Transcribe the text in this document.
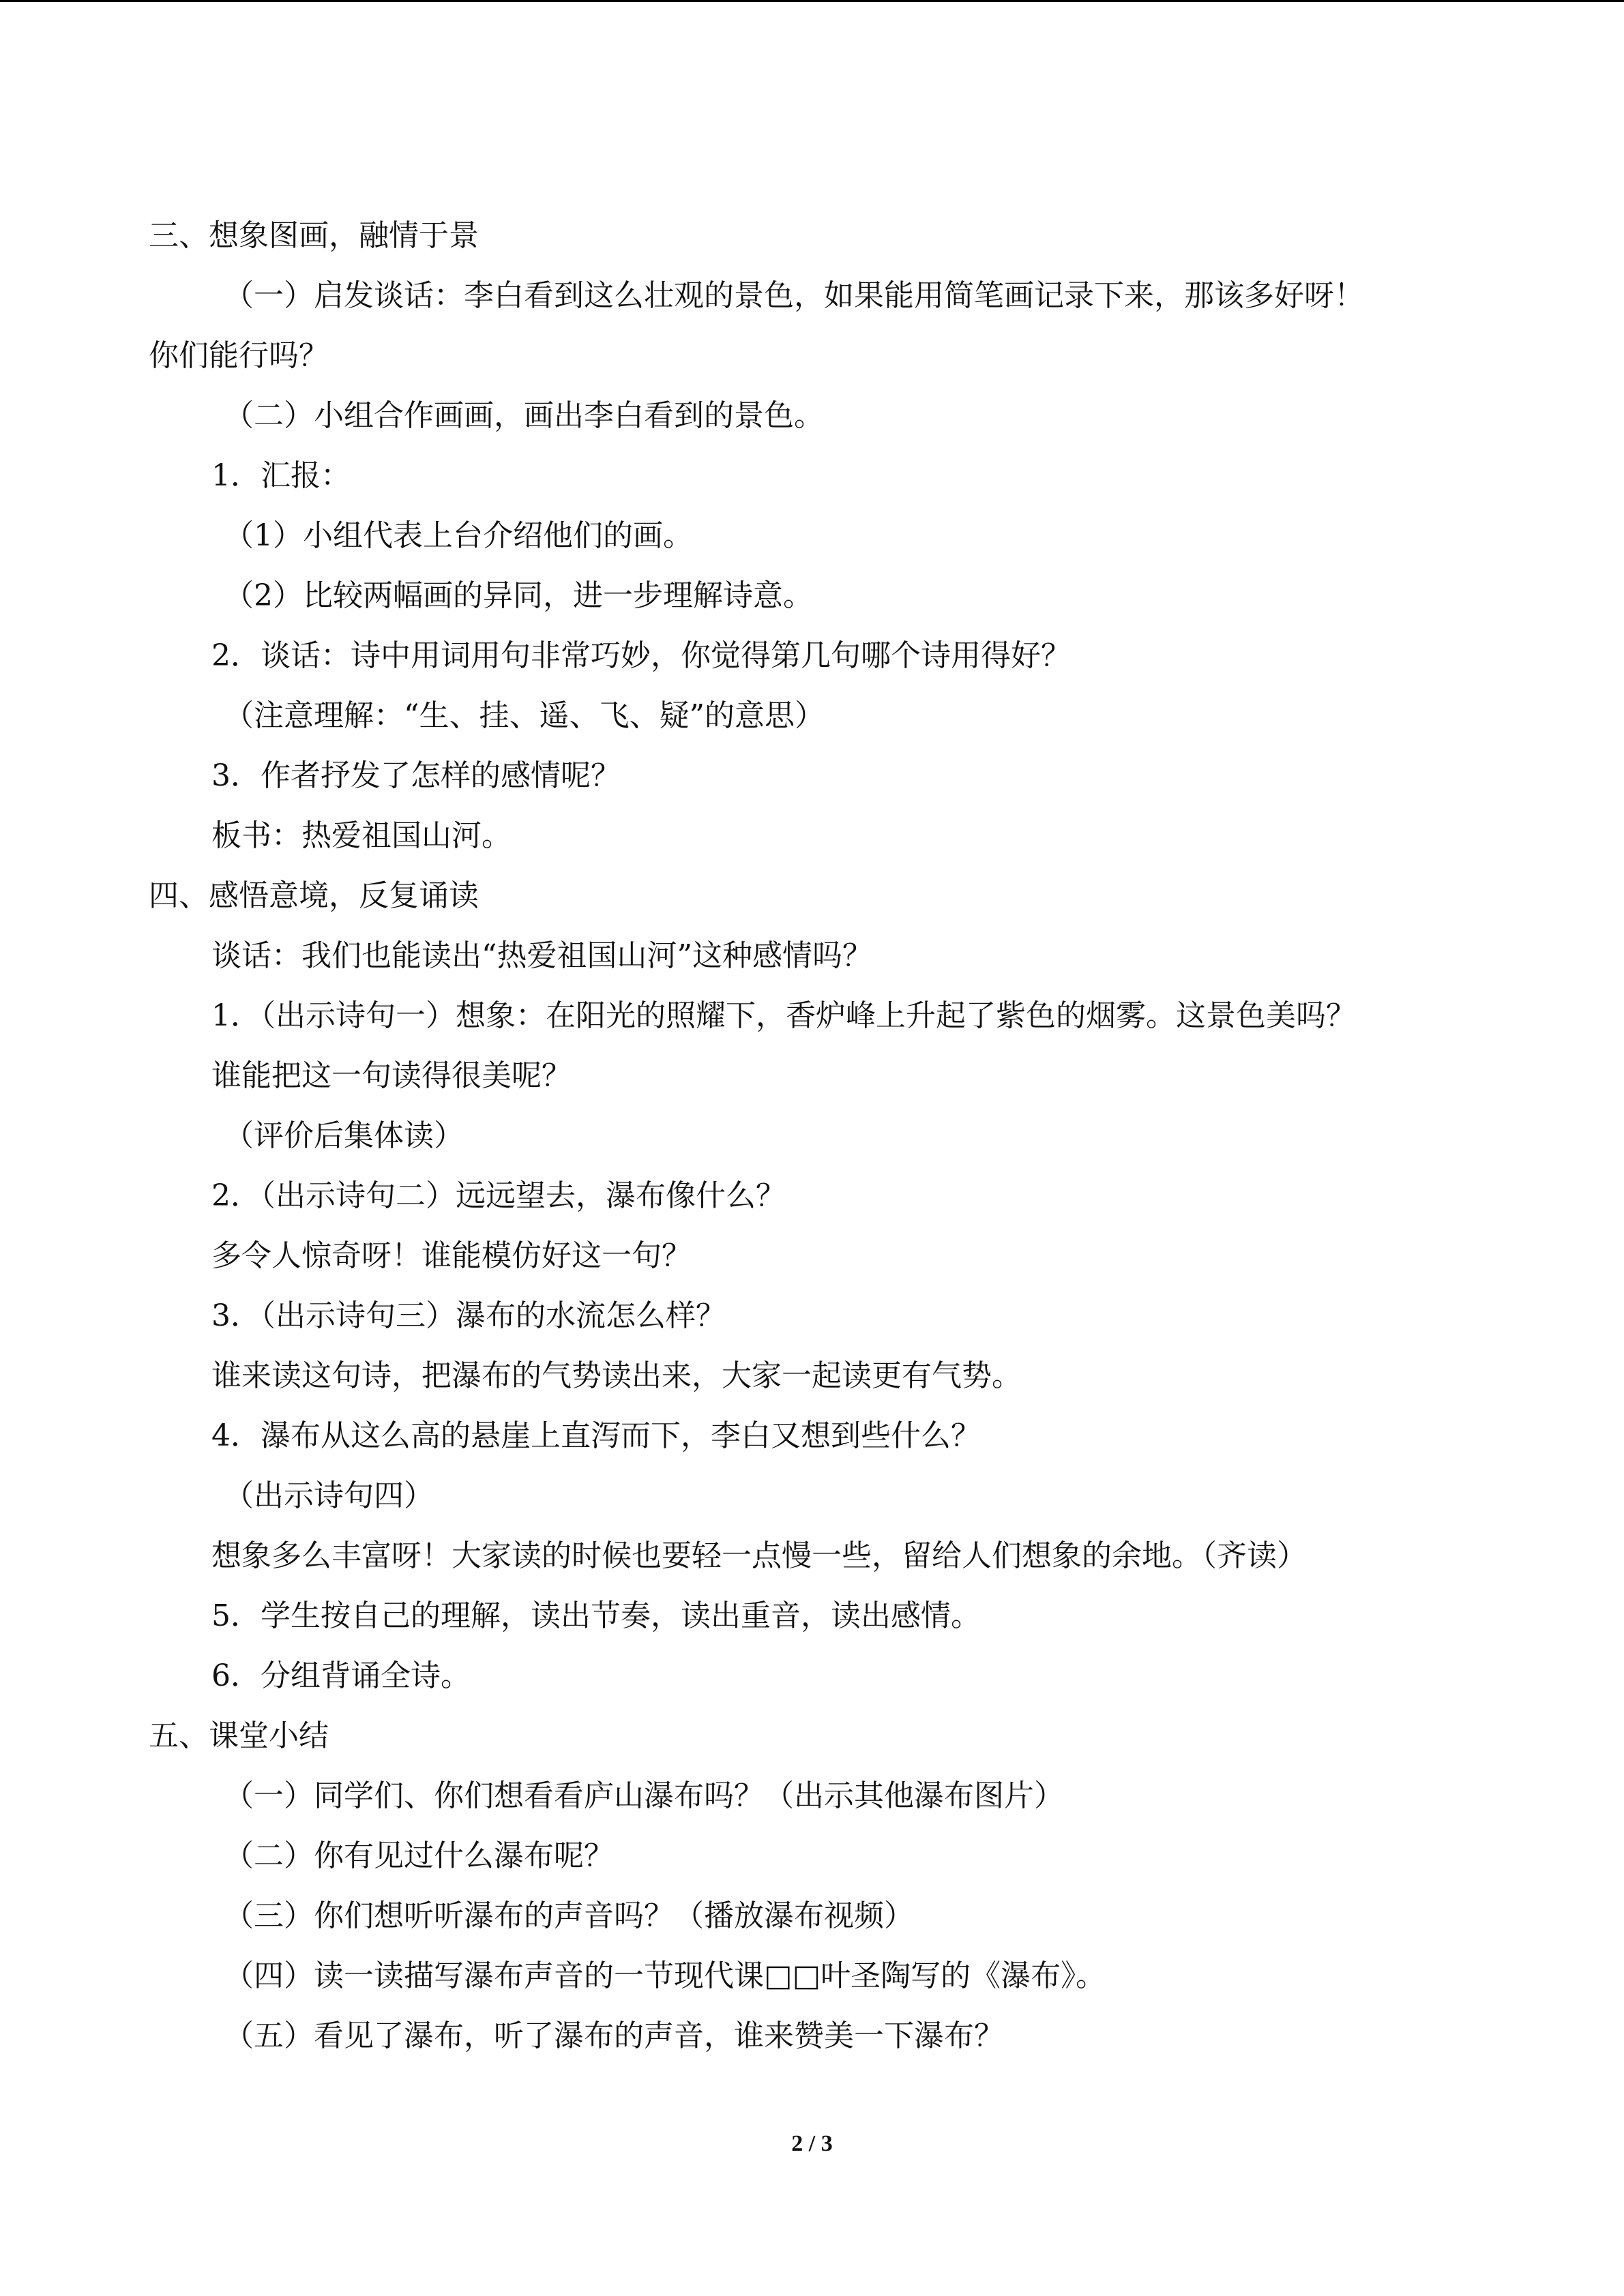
三、想象图画，融情于景
（一）启发谈话：李白看到这么壮观的景色，如果能用简笔画记录下来，那该多好呀！
你们能行吗？
（二）小组合作画画，画出李白看到的景色。
1．汇报：
（1）小组代表上台介绍他们的画。
（2）比较两幅画的异同，进一步理解诗意。
2．谈话：诗中用词用句非常巧妙，你觉得第几句哪个诗用得好？
（注意理解：“生、挂、遥、飞、疑”的意思）
3．作者抒发了怎样的感情呢？
板书：热爱祖国山河。
四、感悟意境，反复诵读
谈话：我们也能读出“热爱祖国山河”这种感情吗？
1．（出示诗句一）想象：在阳光的照耀下，香炉峰上升起了紫色的烟雾。这景色美吗？
谁能把这一句读得很美呢？
（评价后集体读）
2．（出示诗句二）远远望去，瀑布像什么？
多令人惊奇呀！谁能模仿好这一句？
3．（出示诗句三）瀑布的水流怎么样？
谁来读这句诗，把瀑布的气势读出来，大家一起读更有气势。
4．瀑布从这么高的悬崖上直泻而下，李白又想到些什么？
（出示诗句四）
想象多么丰富呀！大家读的时候也要轻一点慢一些，留给人们想象的余地。（齐读）
5．学生按自己的理解，读出节奏，读出重音，读出感情。
6．分组背诵全诗。
五、课堂小结
（一）同学们、你们想看看庐山瀑布吗？（出示其他瀑布图片）
（二）你有见过什么瀑布呢？
（三）你们想听听瀑布的声音吗？（播放瀑布视频）
（四）读一读描写瀑布声音的一节现代课□□叶圣陶写的《瀑布》。
（五）看见了瀑布，听了瀑布的声音，谁来赞美一下瀑布？
2 / 3
